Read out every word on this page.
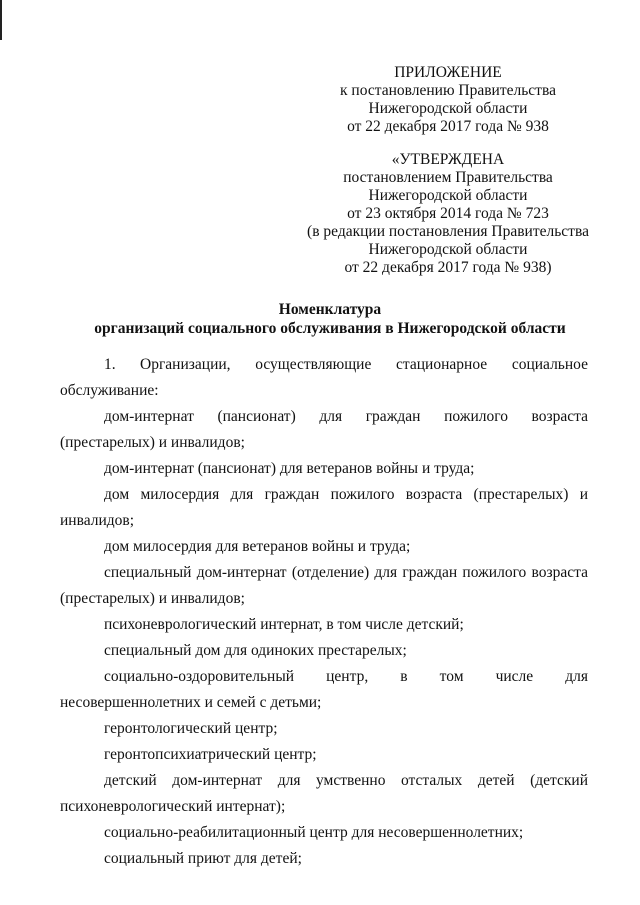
ПРИЛОЖЕНИЕ
к постановлению Правительства
Нижегородской области
от 22 декабря 2017 года № 938
«УТВЕРЖДЕНА
постановлением Правительства
Нижегородской области
от 23 октября 2014 года № 723
(в редакции постановления Правительства
Нижегородской области
от 22 декабря 2017 года № 938)
Номенклатура
организаций социального обслуживания в Нижегородской области

1. Организации, осуществляющие стационарное социальное обслуживание:

дом-интернат (пансионат) для граждан пожилого возраста (престарелых) и инвалидов;

дом-интернат (пансионат) для ветеранов войны и труда;

дом милосердия для граждан пожилого возраста (престарелых) и инвалидов;

дом милосердия для ветеранов войны и труда;

специальный дом-интернат (отделение) для граждан пожилого возраста (престарелых) и инвалидов;

психоневрологический интернат, в том числе детский;

специальный дом для одиноких престарелых;

социально-оздоровительный центр, в том числе для несовершеннолетних и семей с детьми;

геронтологический центр;

геронтопсихиатрический центр;

детский дом-интернат для умственно отсталых детей (детский психоневрологический интернат);

социально-реабилитационный центр для несовершеннолетних;

социальный приют для детей;
